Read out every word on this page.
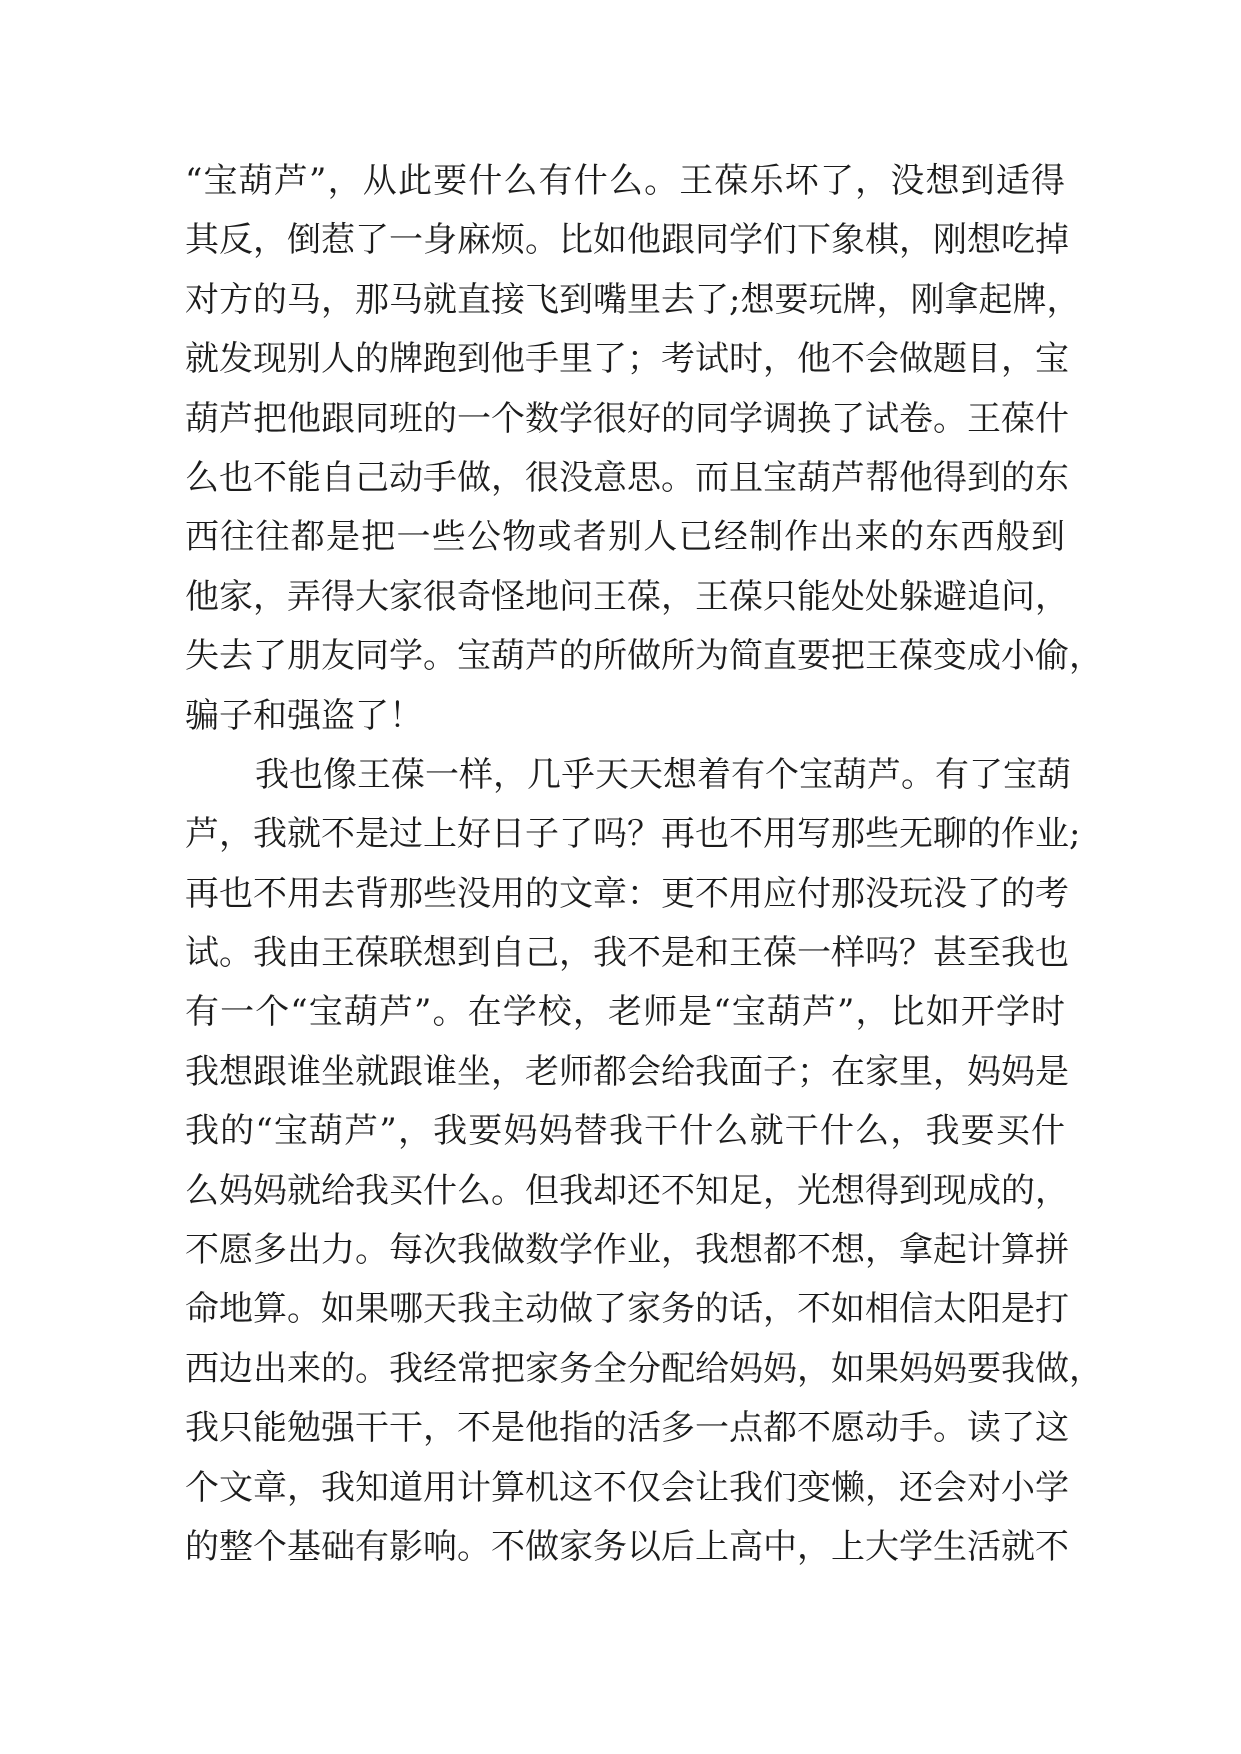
“宝葫芦”，从此要什么有什么。王葆乐坏了，没想到适得
其反，倒惹了一身麻烦。比如他跟同学们下象棋，刚想吃掉
对方的马，那马就直接飞到嘴里去了;想要玩牌，刚拿起牌，
就发现别人的牌跑到他手里了；考试时，他不会做题目，宝
葫芦把他跟同班的一个数学很好的同学调换了试卷。王葆什
么也不能自己动手做，很没意思。而且宝葫芦帮他得到的东
西往往都是把一些公物或者别人已经制作出来的东西般到
他家，弄得大家很奇怪地问王葆，王葆只能处处躲避追问，
失去了朋友同学。宝葫芦的所做所为简直要把王葆变成小偷，
骗子和强盗了！
我也像王葆一样，几乎天天想着有个宝葫芦。有了宝葫
芦，我就不是过上好日子了吗？再也不用写那些无聊的作业;
再也不用去背那些没用的文章：更不用应付那没玩没了的考
试。我由王葆联想到自己，我不是和王葆一样吗？甚至我也
有一个“宝葫芦”。在学校，老师是“宝葫芦”，比如开学时
我想跟谁坐就跟谁坐，老师都会给我面子；在家里，妈妈是
我的“宝葫芦”，我要妈妈替我干什么就干什么，我要买什
么妈妈就给我买什么。但我却还不知足，光想得到现成的，
不愿多出力。每次我做数学作业，我想都不想，拿起计算拼
命地算。如果哪天我主动做了家务的话，不如相信太阳是打
西边出来的。我经常把家务全分配给妈妈，如果妈妈要我做，
我只能勉强干干，不是他指的活多一点都不愿动手。读了这
个文章，我知道用计算机这不仅会让我们变懒，还会对小学
的整个基础有影响。不做家务以后上高中，上大学生活就不
